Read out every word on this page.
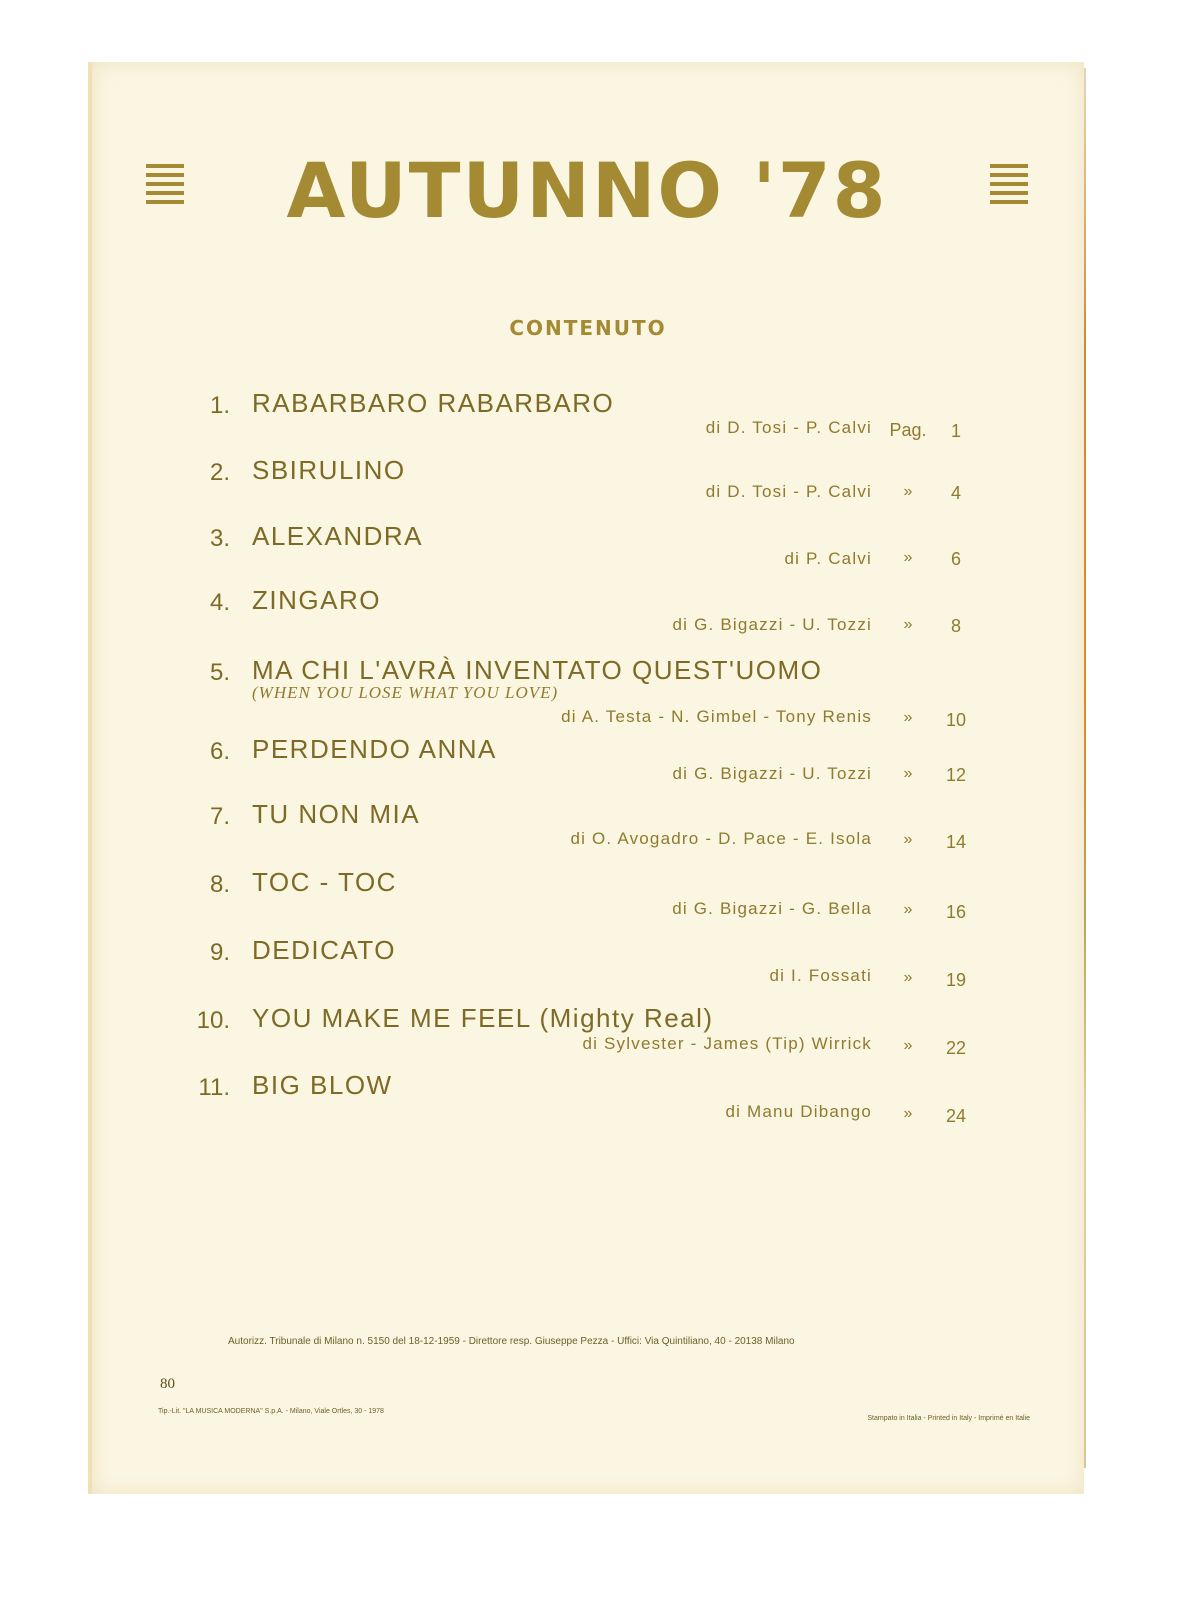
AUTUNNO '78
CONTENUTO
1. RABARBARO RABARBARO
di D. Tosi - P. Calvi Pag.	1
2. SBIRULINO
di D. Tosi - P. Calvi	»	4
3. ALEXANDRA
di P. Calvi	»	6
4. ZINGARO
di G. Bigazzi - U. Tozzi	»	8
5. MA CHI L'AVRÀ INVENTATO QUEST'UOMO
(WHEN YOU LOSE WHAT YOU LOVE)
di A. Testa - N. Gimbel - Tony Renis	»	10
6. PERDENDO ANNA
di G. Bigazzi - U. Tozzi	»	12
7. TU NON MIA
di O. Avogadro - D. Pace - E. Isola	»	14
8. TOC - TOC
di G. Bigazzi - G. Bella	»	16
9. DEDICATO
di I. Fossati	»	19
10. YOU MAKE ME FEEL (Mighty Real)
di Sylvester - James (Tip) Wirrick	»	22
11. BIG BLOW
di Manu Dibango	»	24
Autorizz. Tribunale di Milano n. 5150 del 18-12-1959 - Direttore resp. Giuseppe Pezza - Uffici: Via Quintiliano, 40 - 20138 Milano
80
Tip.-Lit. "LA MUSICA MODERNA" S.p.A. - Milano, Viale Ortles, 30 - 1978
Stampato in Italia - Printed in Italy - Imprimé en Italie
